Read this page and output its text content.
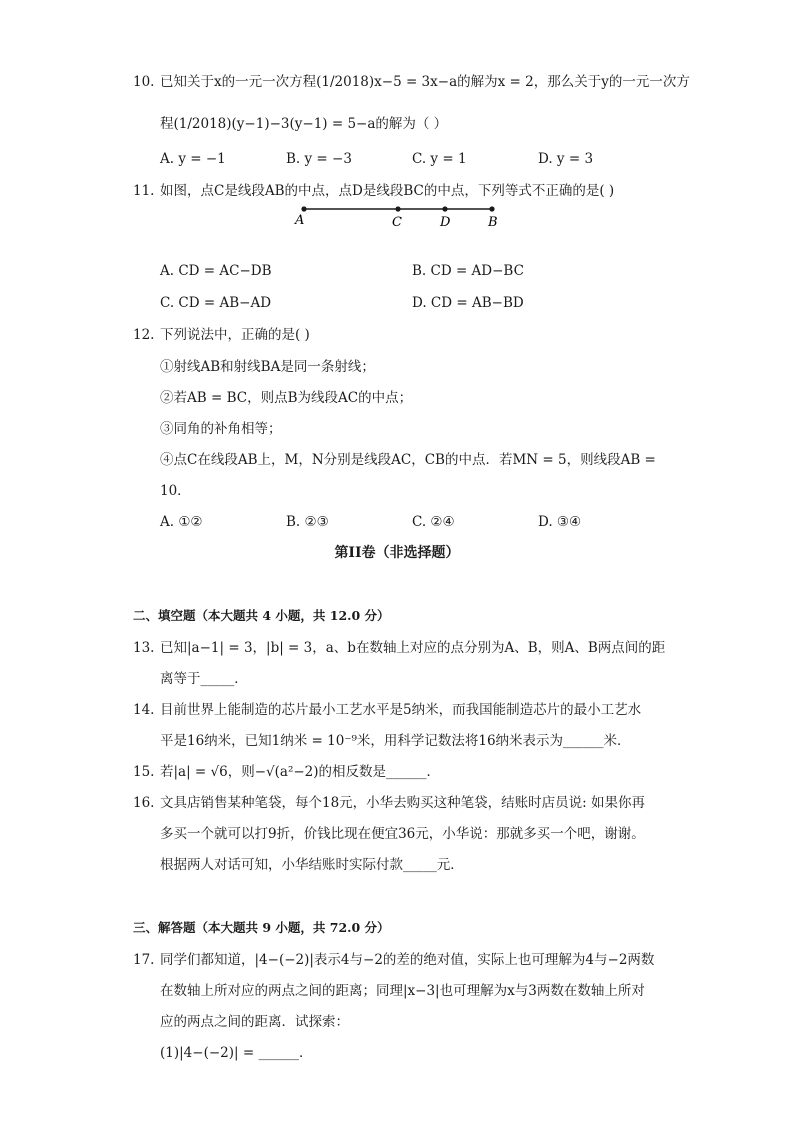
10. 已知关于x的一元一次方程(1/2018)x−5 = 3x−a的解为x = 2，那么关于y的一元一次方
程(1/2018)(y−1)−3(y−1) = 5−a的解为（ ）
A. y = −1	B. y = −3	C. y = 1	D. y = 3
11. 如图，点C是线段AB的中点，点D是线段BC的中点，下列等式不正确的是( )
A	C	D	B
A. CD = AC−DB	B. CD = AD−BC
C. CD = AB−AD	D. CD = AB−BD
12. 下列说法中，正确的是( )
①射线AB和射线BA是同一条射线；
②若AB = BC，则点B为线段AC的中点；
③同角的补角相等；
④点C在线段AB上，M，N分别是线段AC，CB的中点．若MN = 5，则线段AB =
10．
A. ①②	B. ②③	C. ②④	D. ③④
第II卷（非选择题）
二、填空题（本大题共 4 小题，共 12.0 分）
13. 已知|a−1| = 3，|b| = 3，a、b在数轴上对应的点分别为A、B，则A、B两点间的距
离等于_____．
14. 目前世界上能制造的芯片最小工艺水平是5纳米，而我国能制造芯片的最小工艺水
平是16纳米，已知1纳米 = 10⁻⁹米，用科学记数法将16纳米表示为______米．
15. 若|a| = √6，则−√(a²−2)的相反数是______．
16. 文具店销售某种笔袋，每个18元，小华去购买这种笔袋，结账时店员说: 如果你再
多买一个就可以打9折，价钱比现在便宜36元，小华说：那就多买一个吧，谢谢。
根据两人对话可知，小华结账时实际付款_____元．
三、解答题（本大题共 9 小题，共 72.0 分）
17. 同学们都知道，|4−(−2)|表示4与−2的差的绝对值，实际上也可理解为4与−2两数
在数轴上所对应的两点之间的距离；同理|x−3|也可理解为x与3两数在数轴上所对
应的两点之间的距离．试探索：
(1)|4−(−2)| = ______．
